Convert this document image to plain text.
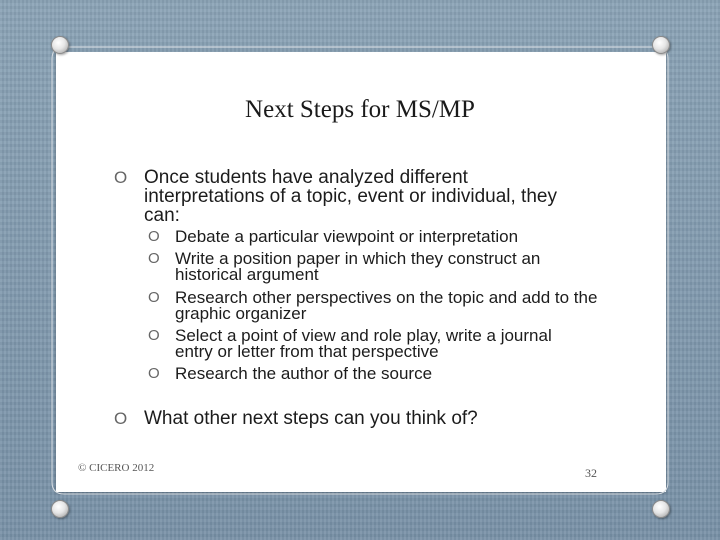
Next Steps for MS/MP
O Once students have analyzed different interpretations of a topic, event or individual, they can:
O Debate a particular viewpoint or interpretation
O Write a position paper in which they construct an historical argument
O Research other perspectives on the topic and add to the graphic organizer
O Select a point of view and role play, write a journal entry or letter from that perspective
O Research the author of the source
O What other next steps can you think of?
© CICERO 2012	32
